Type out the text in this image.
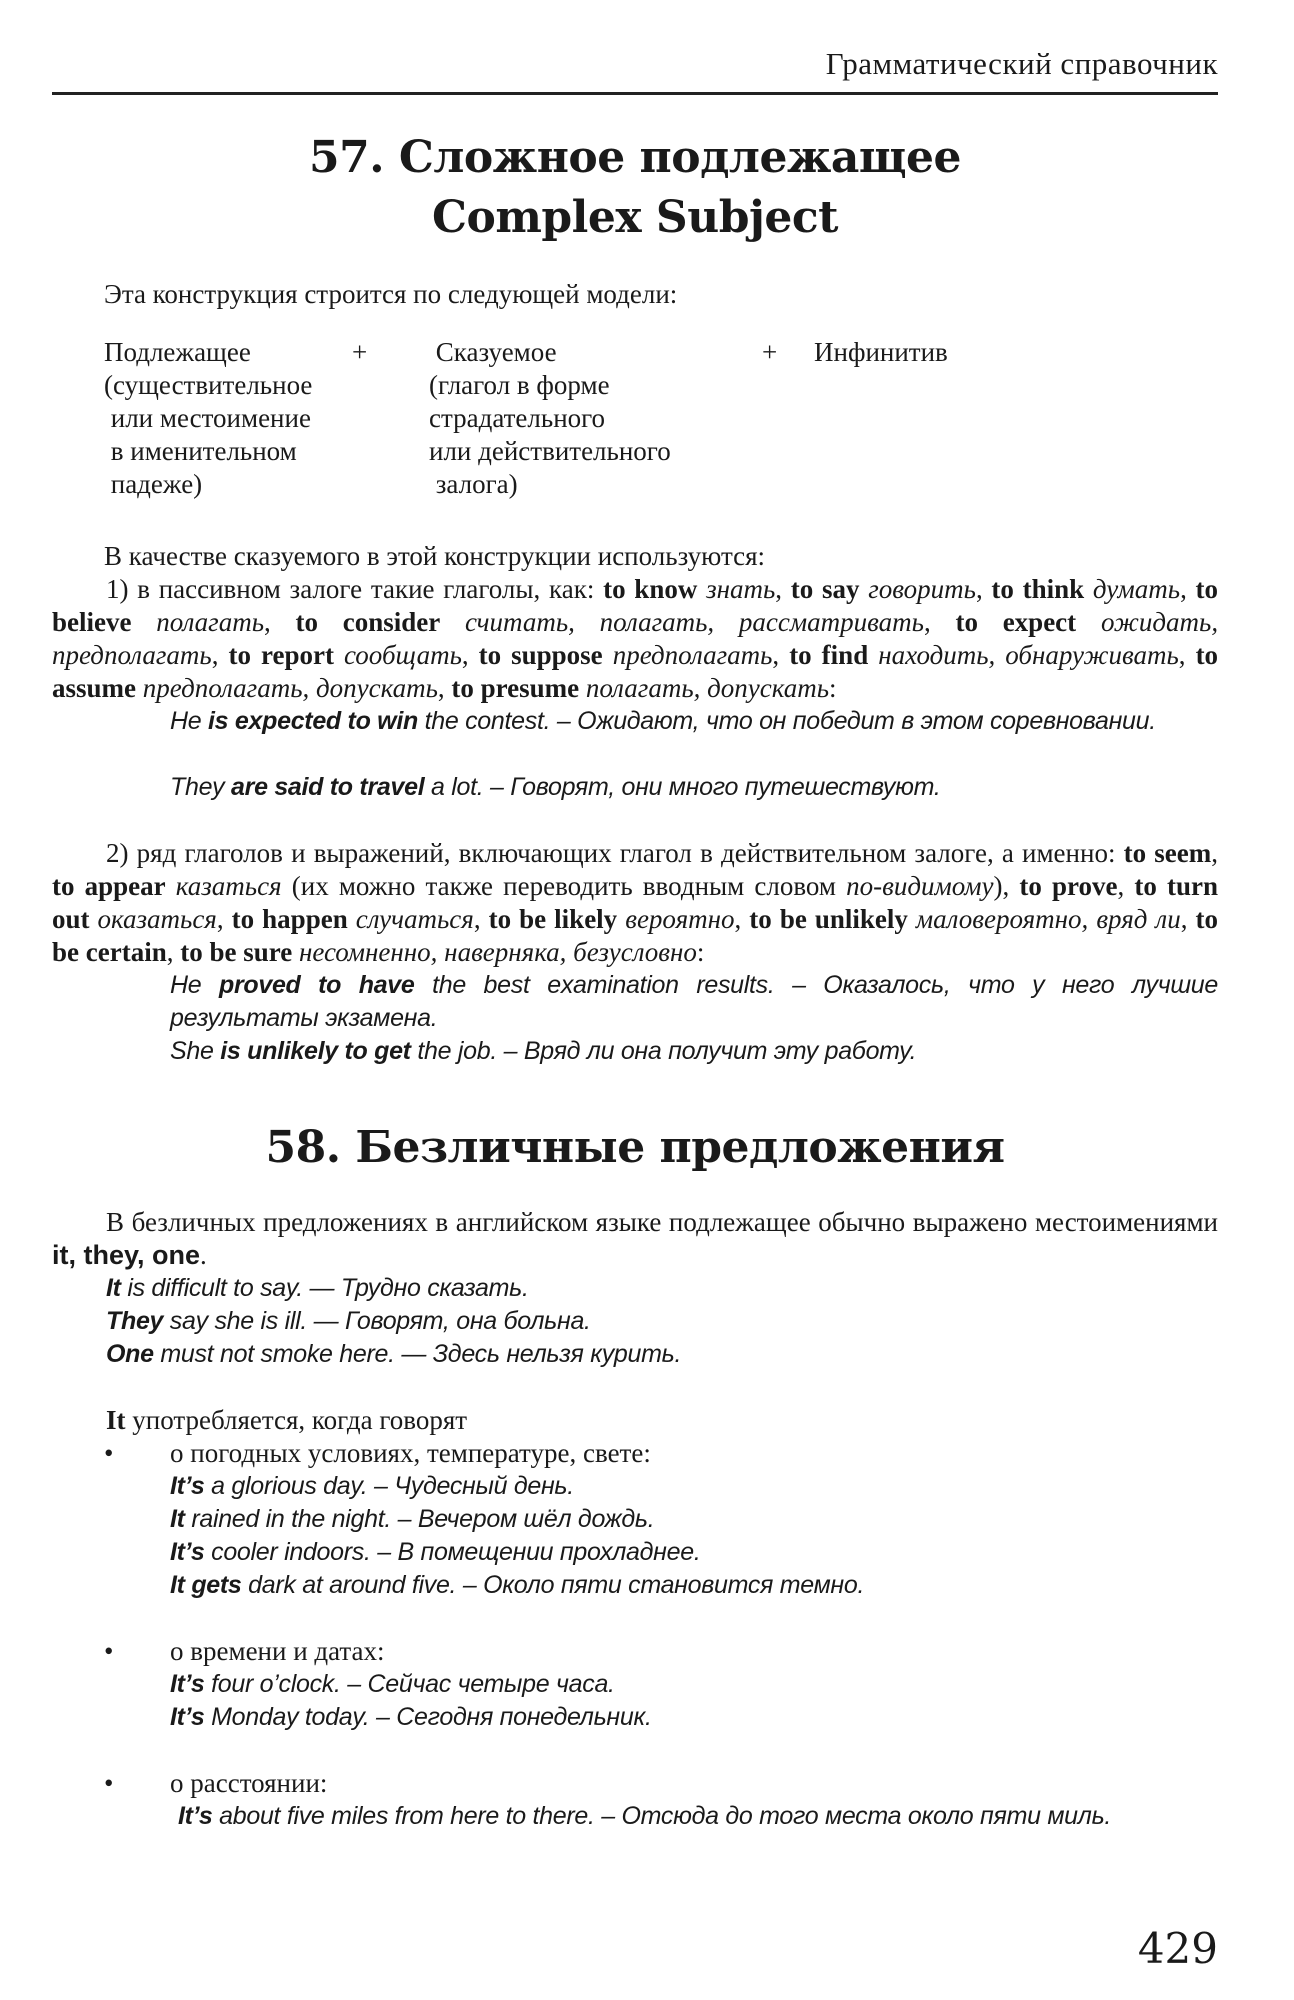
Грамматический справочник
57. Сложное подлежащее
Complex Subject
Эта конструкция строится по следующей модели:
Подлежащее
(существительное
или местоимение
в именительном
падеже)
+ Сказуемое
(глагол в форме
страдательного
или действительного
залога)
+ Инфинитив
В качестве сказуемого в этой конструкции используются:
1) в пассивном залоге такие глаголы, как: to know знать, to say говорить, to think думать, to believe полагать, to consider считать, полагать, рассматривать, to expect ожидать, предполагать, to report сообщать, to suppose предполагать, to find находить, обнаруживать, to assume предполагать, допускать, to presume полагать, допускать:
He is expected to win the contest. – Ожидают, что он победит в этом соревновании.
They are said to travel a lot. – Говорят, они много путешествуют.
2) ряд глаголов и выражений, включающих глагол в действительном залоге, а именно: to seem, to appear казаться (их можно также переводить вводным словом по-видимому), to prove, to turn out оказаться, to happen случаться, to be likely вероятно, to be unlikely маловероятно, вряд ли, to be certain, to be sure несомненно, наверняка, безусловно:
He proved to have the best examination results. – Оказалось, что у него лучшие результаты экзамена.
She is unlikely to get the job. – Вряд ли она получит эту работу.
58. Безличные предложения
В безличных предложениях в английском языке подлежащее обычно выражено местоимениями it, they, one.
It is difficult to say. — Трудно сказать.
They say she is ill. — Говорят, она больна.
One must not smoke here. — Здесь нельзя курить.
It употребляется, когда говорят
• о погодных условиях, температуре, свете:
It’s a glorious day. – Чудесный день.
It rained in the night. – Вечером шёл дождь.
It’s cooler indoors. – В помещении прохладнее.
It gets dark at around five. – Около пяти становится темно.
• о времени и датах:
It’s four o’clock. – Сейчас четыре часа.
It’s Monday today. – Сегодня понедельник.
• о расстоянии:
It’s about five miles from here to there. – Отсюда до того места около пяти миль.
429
